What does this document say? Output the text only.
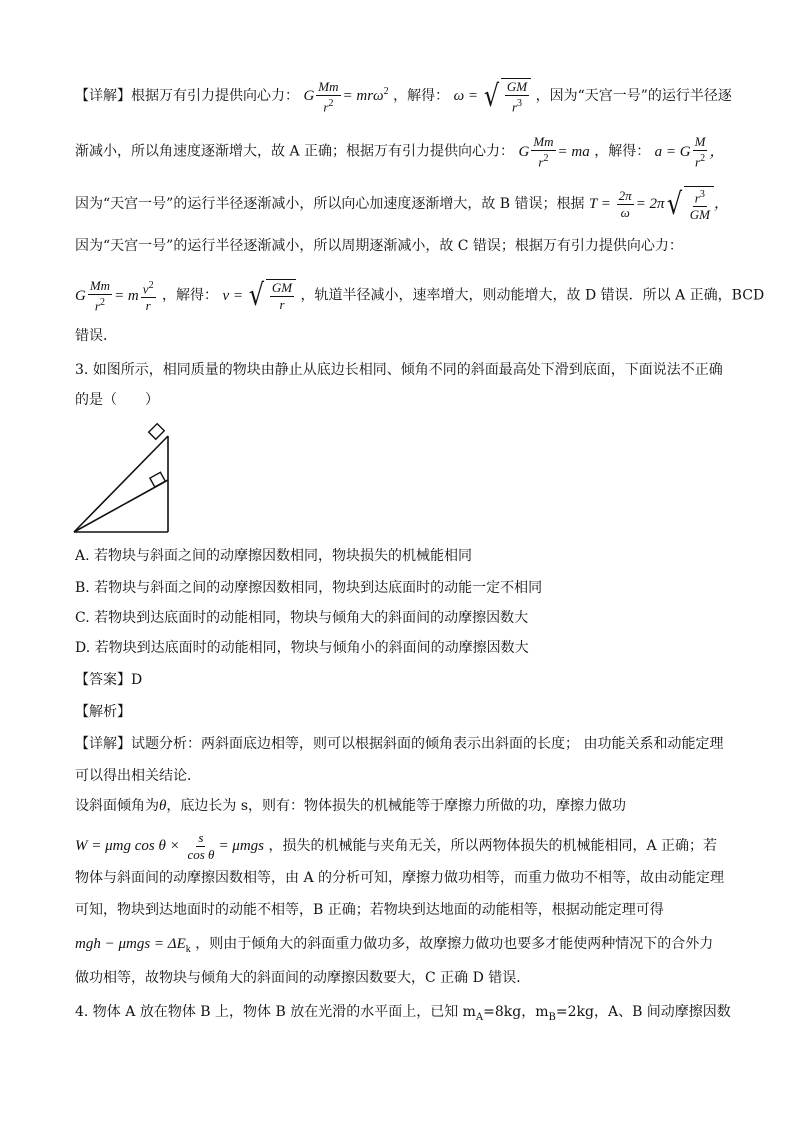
【详解】根据万有引力提供向心力： G $\frac{Mm}{r^2} = mr\omega^2$ ，解得： ω = √ $\frac{GM}{r^3}$ ，因为“天宫一号”的运行半径逐
渐减小，所以角速度逐渐增大，故 A 正确；根据万有引力提供向心力： G $\frac{Mm}{r^2}$ = ma ，解得： a = G $\frac{M}{r^2}$ ，
因为“天宫一号”的运行半径逐渐减小，所以向心加速度逐渐增大，故 B 错误；根据 $T = \frac{2\pi}{\omega} = 2\pi$ √ $\frac{r^3}{GM}$ ，
因为“天宫一号”的运行半径逐渐减小，所以周期逐渐减小，故 C 错误；根据万有引力提供向心力：
G $\frac{Mm}{r^2} = m \frac{v^2}{r}$ ，解得： v = √ $\frac{GM}{r}$ ，轨道半径减小，速率增大，则动能增大，故 D 错误．所以 A 正确，BCD
错误．
3. 如图所示，相同质量的物块由静止从底边长相同、倾角不同的斜面最高处下滑到底面，下面说法不正确
的是（　　）
A. 若物块与斜面之间的动摩擦因数相同，物块损失的机械能相同
B. 若物块与斜面之间的动摩擦因数相同，物块到达底面时的动能一定不相同
C. 若物块到达底面时的动能相同，物块与倾角大的斜面间的动摩擦因数大
D. 若物块到达底面时的动能相同，物块与倾角小的斜面间的动摩擦因数大
【答案】D
【解析】
【详解】试题分析：两斜面底边相等，则可以根据斜面的倾角表示出斜面的长度； 由功能关系和动能定理
可以得出相关结论．
设斜面倾角为θ，底边长为 s，则有：物体损失的机械能等于摩擦力所做的功，摩擦力做功
W = μmg $\cos \theta \times \frac{s}{\text{cos θ}} = \mu mgs$ ，损失的机械能与夹角无关，所以两物体损失的机械能相同，A 正确；若
物体与斜面间的动摩擦因数相等，由 A 的分析可知，摩擦力做功相等，而重力做功不相等，故由动能定理
可知，物块到达地面时的动能不相等，B 正确；若物块到达地面的动能相等，根据动能定理可得
mgh − $\mu mgs = \Delta E_k$ ，则由于倾角大的斜面重力做功多，故摩擦力做功也要多才能使两种情况下的合外力
做功相等，故物块与倾角大的斜面间的动摩擦因数要大，C 正确 D 错误．
4. 物体 A 放在物体 B 上，物体 B 放在光滑的水平面上，已知 $m_A=8kg$，$m_B=2kg$，A、B 间动摩擦因数
